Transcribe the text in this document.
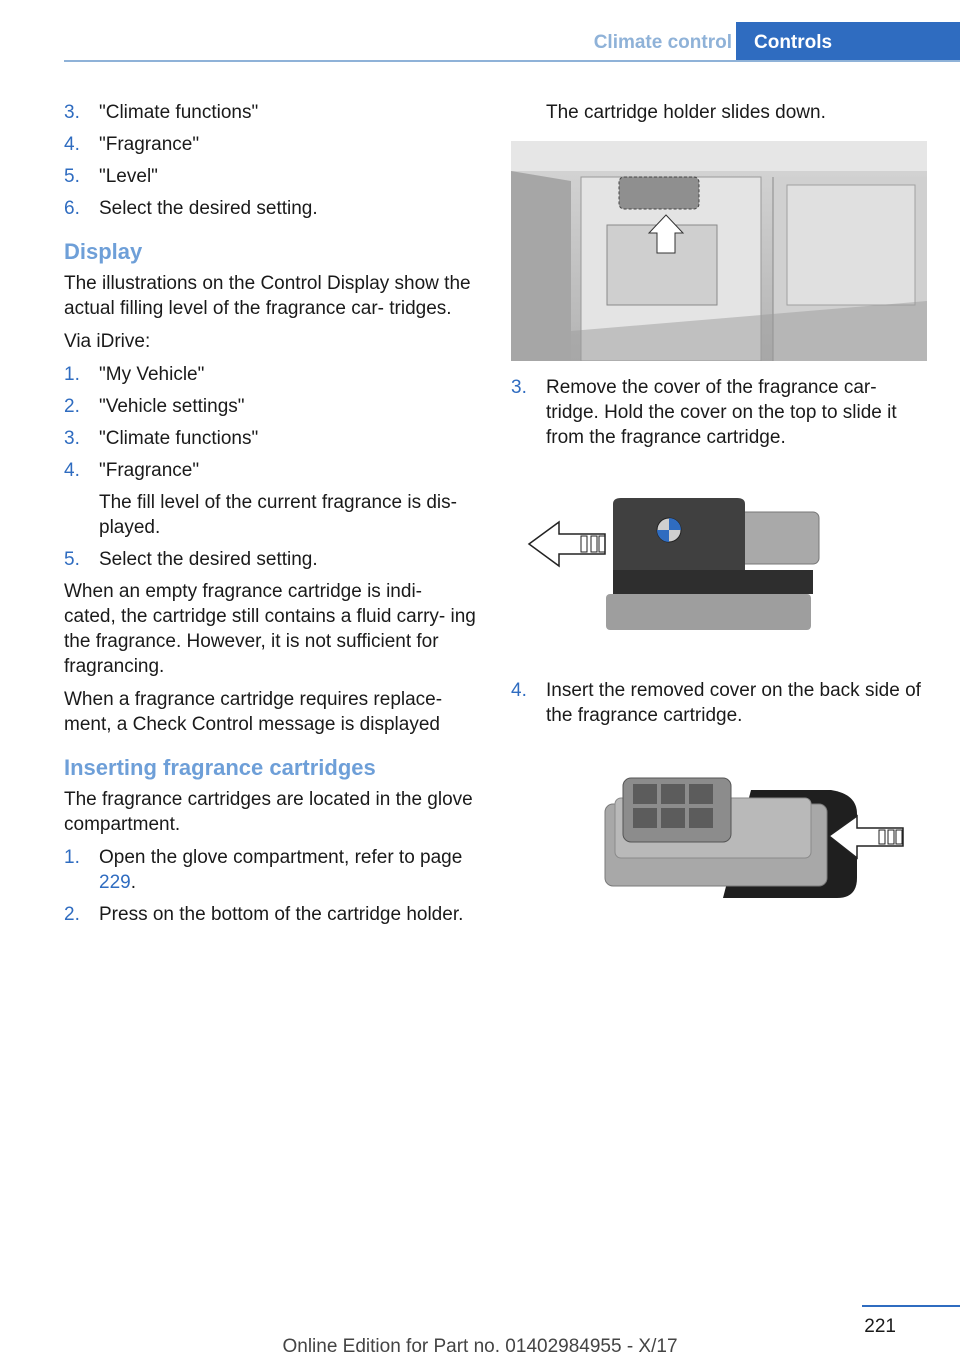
Climate control	Controls
3. "Climate functions"
4. "Fragrance"
5. "Level"
6. Select the desired setting.
Display

The illustrations on the Control Display show the actual filling level of the fragrance car‐ tridges.

Via iDrive:

1. "My Vehicle"
2. "Vehicle settings"
3. "Climate functions"
4. "Fragrance"
The fill level of the current fragrance is dis‐ played.
5. Select the desired setting.

When an empty fragrance cartridge is indi‐ cated, the cartridge still contains a fluid carry‐ ing the fragrance. However, it is not sufficient for fragrancing.

When a fragrance cartridge requires replace‐ ment, a Check Control message is displayed

Inserting fragrance cartridges

The fragrance cartridges are located in the glove compartment.

1. Open the glove compartment, refer to page 229.
2. Press on the bottom of the cartridge holder.
The cartridge holder slides down.
3. Remove the cover of the fragrance car‐ tridge. Hold the cover on the top to slide it from the fragrance cartridge.
4. Insert the removed cover on the back side of the fragrance cartridge.
221
Online Edition for Part no. 01402984955 - X/17
